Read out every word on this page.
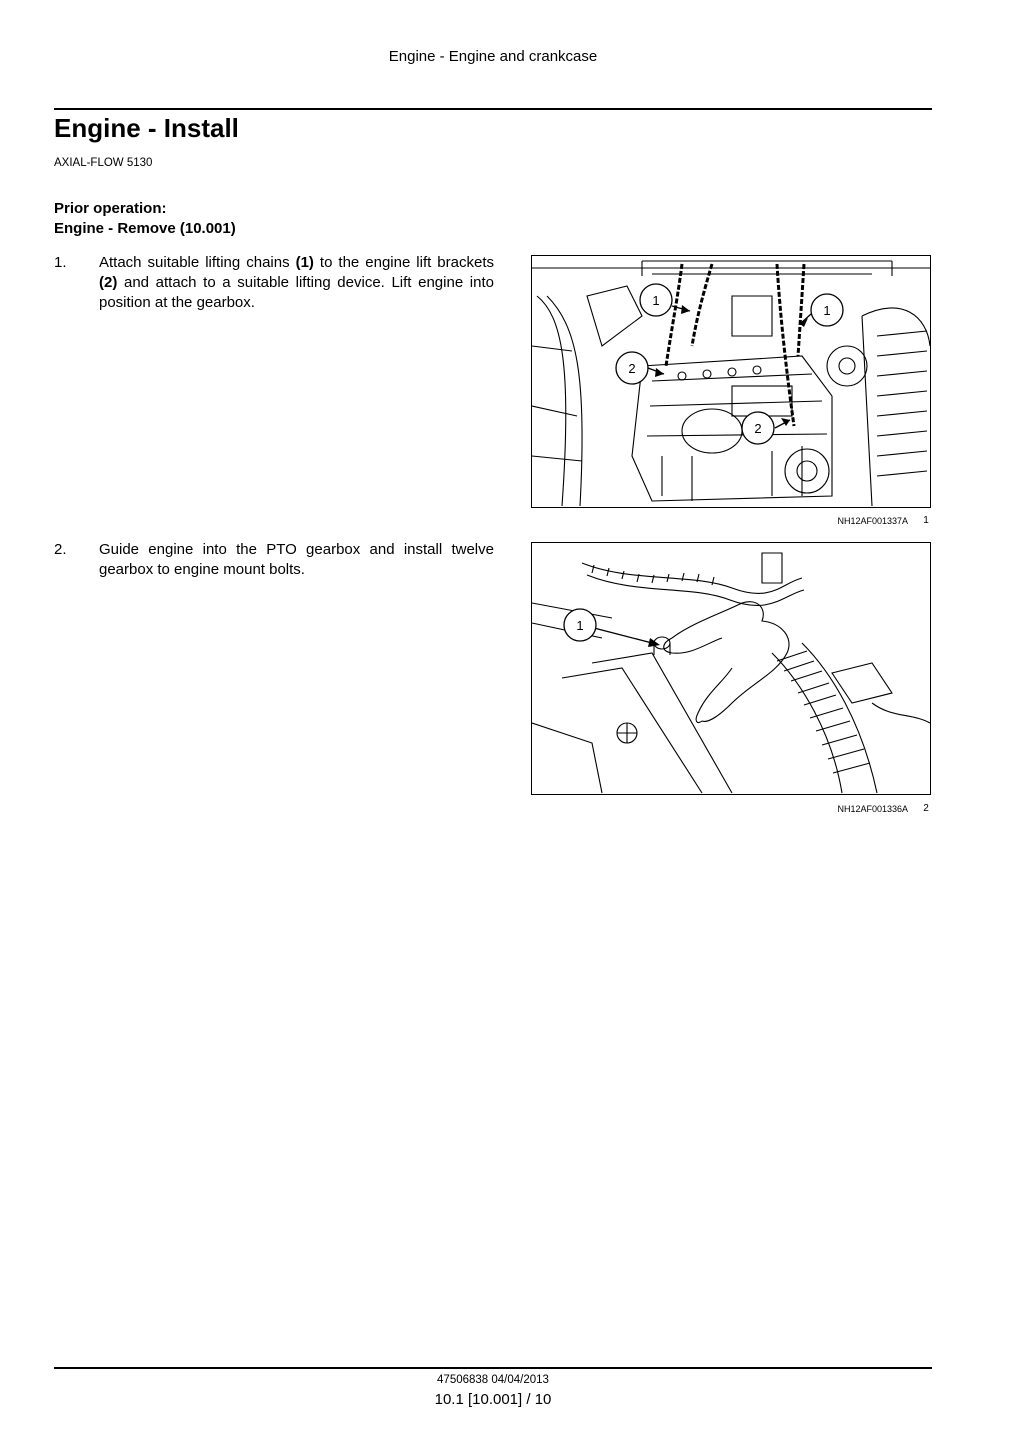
Engine - Engine and crankcase
Engine - Install
AXIAL-FLOW 5130
Prior operation:
Engine - Remove (10.001)
1. Attach suitable lifting chains (1) to the engine lift brackets (2) and attach to a suitable lifting device. Lift engine into position at the gearbox.	1
1
2
2
NH12AF001337A	1
2. Guide engine into the PTO gearbox and install twelve gearbox to engine mount bolts.
1
NH12AF001336A	2
47506838 04/04/2013
10.1 [10.001] / 10
